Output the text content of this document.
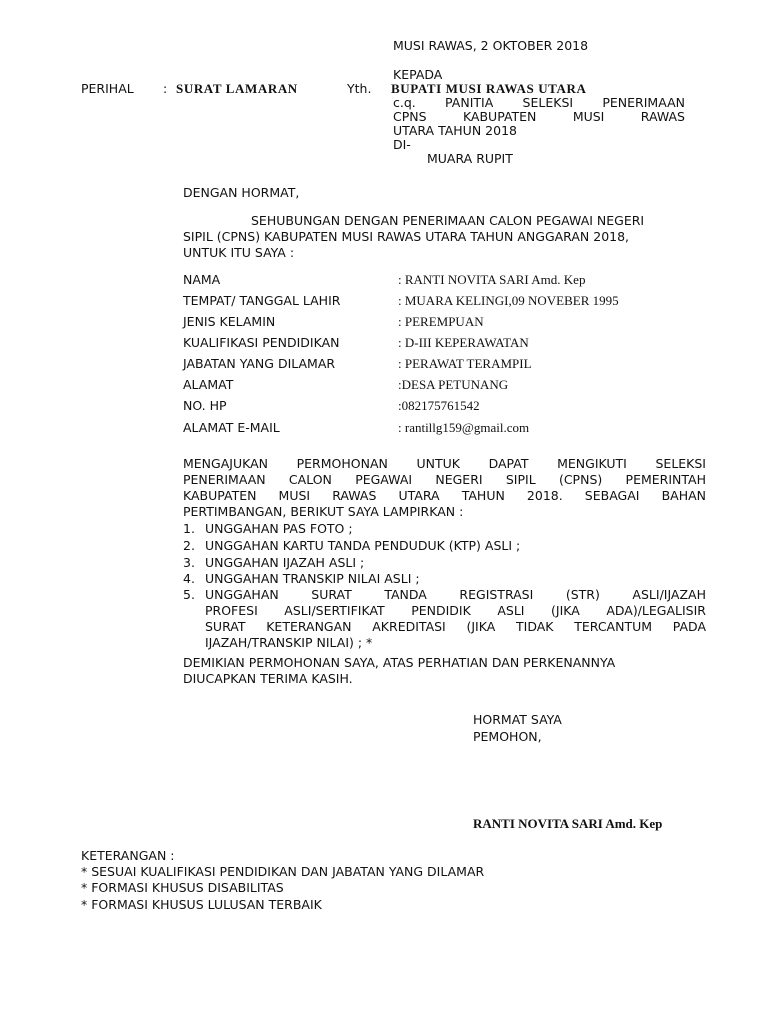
MUSI RAWAS, 2 OKTOBER 2018
KEPADA
PERIHAL : SURAT LAMARAN	Yth. BUPATI MUSI RAWAS UTARA
c.q. PANITIA SELEKSI PENERIMAAN
CPNS KABUPATEN MUSI RAWAS
UTARA TAHUN 2018
DI-
MUARA RUPIT
DENGAN HORMAT,
SEHUBUNGAN DENGAN PENERIMAAN CALON PEGAWAI NEGERI
SIPIL (CPNS) KABUPATEN MUSI RAWAS UTARA TAHUN ANGGARAN 2018,
UNTUK ITU SAYA :
NAMA	: RANTI NOVITA SARI Amd. Kep
TEMPAT/ TANGGAL LAHIR	: MUARA KELINGI,09 NOVEBER 1995
JENIS KELAMIN	: PEREMPUAN
KUALIFIKASI PENDIDIKAN	: D-III KEPERAWATAN
JABATAN YANG DILAMAR	: PERAWAT TERAMPIL
ALAMAT	:DESA PETUNANG
NO. HP	:082175761542
ALAMAT E-MAIL	: rantillg159@gmail.com
MENGAJUKAN PERMOHONAN UNTUK DAPAT MENGIKUTI SELEKSI
PENERIMAAN CALON PEGAWAI NEGERI SIPIL (CPNS) PEMERINTAH
KABUPATEN MUSI RAWAS UTARA TAHUN 2018. SEBAGAI BAHAN
PERTIMBANGAN, BERIKUT SAYA LAMPIRKAN :
1. UNGGAHAN PAS FOTO ;
2. UNGGAHAN KARTU TANDA PENDUDUK (KTP) ASLI ;
3. UNGGAHAN IJAZAH ASLI ;
4. UNGGAHAN TRANSKIP NILAI ASLI ;
5. UNGGAHAN SURAT TANDA REGISTRASI (STR) ASLI/IJAZAH
PROFESI ASLI/SERTIFIKAT PENDIDIK ASLI (JIKA ADA)/LEGALISIR
SURAT KETERANGAN AKREDITASI (JIKA TIDAK TERCANTUM PADA
IJAZAH/TRANSKIP NILAI) ; *
DEMIKIAN PERMOHONAN SAYA, ATAS PERHATIAN DAN PERKENANNYA
DIUCAPKAN TERIMA KASIH.
HORMAT SAYA
PEMOHON,
RANTI NOVITA SARI Amd. Kep
KETERANGAN :
* SESUAI KUALIFIKASI PENDIDIKAN DAN JABATAN YANG DILAMAR
* FORMASI KHUSUS DISABILITAS
* FORMASI KHUSUS LULUSAN TERBAIK
